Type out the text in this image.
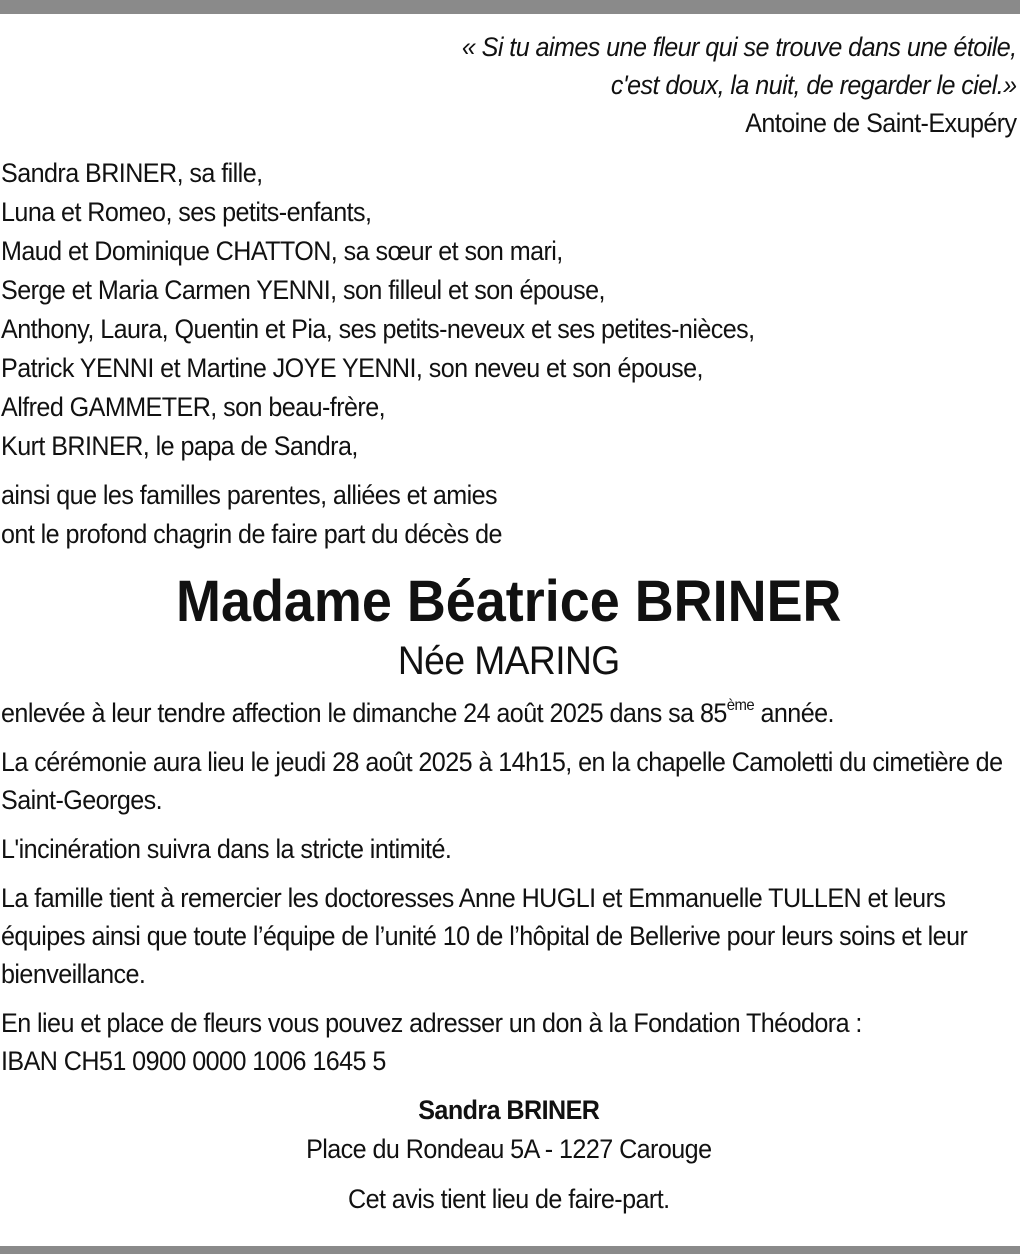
« Si tu aimes une fleur qui se trouve dans une étoile,
c'est doux, la nuit, de regarder le ciel.»
Antoine de Saint-Exupéry
Sandra BRINER, sa fille,
Luna et Romeo, ses petits-enfants,
Maud et Dominique CHATTON, sa sœur et son mari,
Serge et Maria Carmen YENNI, son filleul et son épouse,
Anthony, Laura, Quentin et Pia, ses petits-neveux et ses petites-nièces,
Patrick YENNI et Martine JOYE YENNI, son neveu et son épouse,
Alfred GAMMETER, son beau-frère,
Kurt BRINER, le papa de Sandra,
ainsi que les familles parentes, alliées et amies
ont le profond chagrin de faire part du décès de
Madame Béatrice BRINER
Née MARING

enlevée à leur tendre affection le dimanche 24 août 2025 dans sa 85ème année.

La cérémonie aura lieu le jeudi 28 août 2025 à 14h15, en la chapelle Camoletti du cimetière de Saint-Georges.

L'incinération suivra dans la stricte intimité.

La famille tient à remercier les doctoresses Anne HUGLI et Emmanuelle TULLEN et leurs équipes ainsi que toute l’équipe de l’unité 10 de l’hôpital de Bellerive pour leurs soins et leur bienveillance.

En lieu et place de fleurs vous pouvez adresser un don à la Fondation Théodora :
IBAN CH51 0900 0000 1006 1645 5

Sandra BRINER
Place du Rondeau 5A - 1227 Carouge
Cet avis tient lieu de faire-part.
